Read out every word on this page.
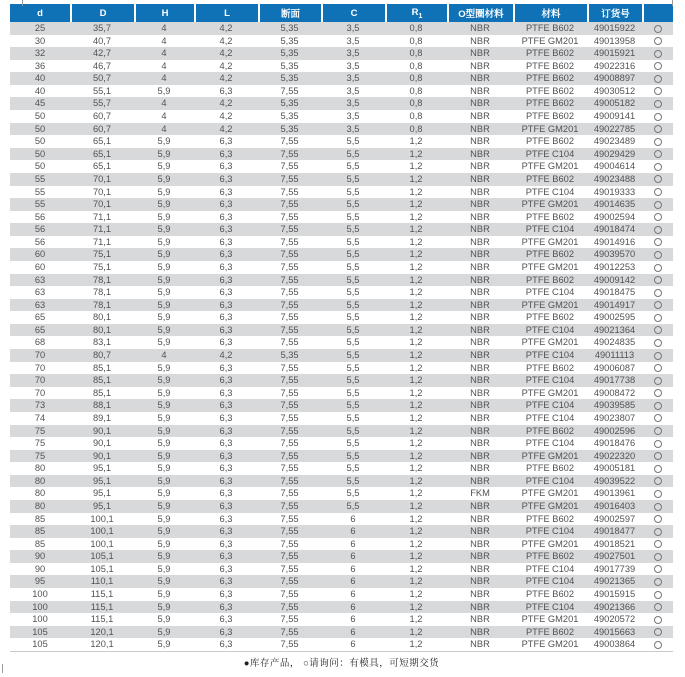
d	D	H	L	断面	C	$R_1$	O型圈材料	材料	订货号	
25	35,7	4	4,2	5,35	3,5	0,8	NBR	PTFE B602	49015922	
30	40,7	4	4,2	5,35	3,5	0,8	NBR	PTFE GM201	49013958	
32	42,7	4	4,2	5,35	3,5	0,8	NBR	PTFE B602	49015921	
36	46,7	4	4,2	5,35	3,5	0,8	NBR	PTFE B602	49022316	
40	50,7	4	4,2	5,35	3,5	0,8	NBR	PTFE B602	49008897	
40	55,1	5,9	6,3	7,55	3,5	0,8	NBR	PTFE B602	49030512	
45	55,7	4	4,2	5,35	3,5	0,8	NBR	PTFE B602	49005182	
50	60,7	4	4,2	5,35	3,5	0,8	NBR	PTFE B602	49009141	
50	60,7	4	4,2	5,35	3,5	0,8	NBR	PTFE GM201	49022785	
50	65,1	5,9	6,3	7,55	5,5	1,2	NBR	PTFE B602	49023489	
50	65,1	5,9	6,3	7,55	5,5	1,2	NBR	PTFE C104	49029429	
50	65,1	5,9	6,3	7,55	5,5	1,2	NBR	PTFE GM201	49004614	
55	70,1	5,9	6,3	7,55	5,5	1,2	NBR	PTFE B602	49023488	
55	70,1	5,9	6,3	7,55	5,5	1,2	NBR	PTFE C104	49019333	
55	70,1	5,9	6,3	7,55	5,5	1,2	NBR	PTFE GM201	49014635	
56	71,1	5,9	6,3	7,55	5,5	1,2	NBR	PTFE B602	49002594	
56	71,1	5,9	6,3	7,55	5,5	1,2	NBR	PTFE C104	49018474	
56	71,1	5,9	6,3	7,55	5,5	1,2	NBR	PTFE GM201	49014916	
60	75,1	5,9	6,3	7,55	5,5	1,2	NBR	PTFE B602	49039570	
60	75,1	5,9	6,3	7,55	5,5	1,2	NBR	PTFE GM201	49012253	
63	78,1	5,9	6,3	7,55	5,5	1,2	NBR	PTFE B602	49009142	
63	78,1	5,9	6,3	7,55	5,5	1,2	NBR	PTFE C104	49018475	
63	78,1	5,9	6,3	7,55	5,5	1,2	NBR	PTFE GM201	49014917	
65	80,1	5,9	6,3	7,55	5,5	1,2	NBR	PTFE B602	49002595	
65	80,1	5,9	6,3	7,55	5,5	1,2	NBR	PTFE C104	49021364	
68	83,1	5,9	6,3	7,55	5,5	1,2	NBR	PTFE GM201	49024835	
70	80,7	4	4,2	5,35	5,5	1,2	NBR	PTFE C104	49011113	
70	85,1	5,9	6,3	7,55	5,5	1,2	NBR	PTFE B602	49006087	
70	85,1	5,9	6,3	7,55	5,5	1,2	NBR	PTFE C104	49017738	
70	85,1	5,9	6,3	7,55	5,5	1,2	NBR	PTFE GM201	49008472	
73	88,1	5,9	6,3	7,55	5,5	1,2	NBR	PTFE C104	49039585	
74	89,1	5,9	6,3	7,55	5,5	1,2	NBR	PTFE C104	49023807	
75	90,1	5,9	6,3	7,55	5,5	1,2	NBR	PTFE B602	49002596	
75	90,1	5,9	6,3	7,55	5,5	1,2	NBR	PTFE C104	49018476	
75	90,1	5,9	6,3	7,55	5,5	1,2	NBR	PTFE GM201	49022320	
80	95,1	5,9	6,3	7,55	5,5	1,2	NBR	PTFE B602	49005181	
80	95,1	5,9	6,3	7,55	5,5	1,2	NBR	PTFE C104	49039522	
80	95,1	5,9	6,3	7,55	5,5	1,2	FKM	PTFE GM201	49013961	
80	95,1	5,9	6,3	7,55	5,5	1,2	NBR	PTFE GM201	49016403	
85	100,1	5,9	6,3	7,55	6	1,2	NBR	PTFE B602	49002597	
85	100,1	5,9	6,3	7,55	6	1,2	NBR	PTFE C104	49018477	
85	100,1	5,9	6,3	7,55	6	1,2	NBR	PTFE GM201	49018521	
90	105,1	5,9	6,3	7,55	6	1,2	NBR	PTFE B602	49027501	
90	105,1	5,9	6,3	7,55	6	1,2	NBR	PTFE C104	49017739	
95	110,1	5,9	6,3	7,55	6	1,2	NBR	PTFE C104	49021365	
100	115,1	5,9	6,3	7,55	6	1,2	NBR	PTFE B602	49015915	
100	115,1	5,9	6,3	7,55	6	1,2	NBR	PTFE C104	49021366	
100	115,1	5,9	6,3	7,55	6	1,2	NBR	PTFE GM201	49020572	
105	120,1	5,9	6,3	7,55	6	1,2	NBR	PTFE B602	49015663	
105	120,1	5,9	6,3	7,55	6	1,2	NBR	PTFE GM201	49003864	
●库存产品， ○请询问：有模具，可短期交货
